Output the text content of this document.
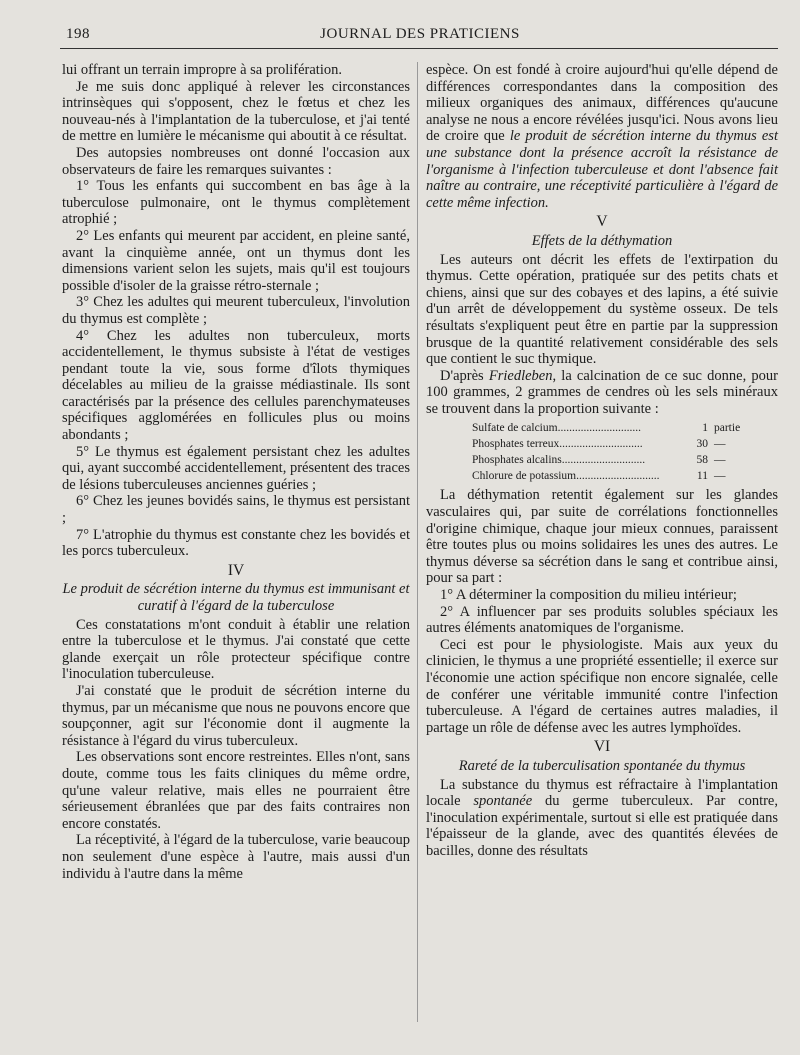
198	JOURNAL DES PRATICIENS

lui offrant un terrain impropre à sa prolifération.

Je me suis donc appliqué à relever les circonstances intrinsèques qui s'opposent, chez le fœtus et chez les nouveau-nés à l'implantation de la tuberculose, et j'ai tenté de mettre en lumière le mécanisme qui aboutit à ce résultat.

Des autopsies nombreuses ont donné l'occasion aux observateurs de faire les remarques suivantes :

1° Tous les enfants qui succombent en bas âge à la tuberculose pulmonaire, ont le thymus complètement atrophié ;

2° Les enfants qui meurent par accident, en pleine santé, avant la cinquième année, ont un thymus dont les dimensions varient selon les sujets, mais qu'il est toujours possible d'isoler de la graisse rétro-sternale ;

3° Chez les adultes qui meurent tuberculeux, l'involution du thymus est complète ;

4° Chez les adultes non tuberculeux, morts accidentellement, le thymus subsiste à l'état de vestiges pendant toute la vie, sous forme d'îlots thymiques décelables au milieu de la graisse médiastinale. Ils sont caractérisés par la présence des cellules parenchymateuses spécifiques agglomérées en follicules plus ou moins abondants ;

5° Le thymus est également persistant chez les adultes qui, ayant succombé accidentellement, présentent des traces de lésions tuberculeuses anciennes guéries ;

6° Chez les jeunes bovidés sains, le thymus est persistant ;

7° L'atrophie du thymus est constante chez les bovidés et les porcs tuberculeux.

IV
Le produit de sécrétion interne du thymus est immunisant et curatif à l'égard de la tuberculose

Ces constatations m'ont conduit à établir une relation entre la tuberculose et le thymus. J'ai constaté que cette glande exerçait un rôle protecteur spécifique contre l'inoculation tuberculeuse.

J'ai constaté que le produit de sécrétion interne du thymus, par un mécanisme que nous ne pouvons encore que soupçonner, agit sur l'économie dont il augmente la résistance à l'égard du virus tuberculeux.

Les observations sont encore restreintes. Elles n'ont, sans doute, comme tous les faits cliniques du même ordre, qu'une valeur relative, mais elles ne pourraient être sérieusement ébranlées que par des faits contraires non encore constatés.

La réceptivité, à l'égard de la tuberculose, varie beaucoup non seulement d'une espèce à l'autre, mais aussi d'un individu à l'autre dans la même

espèce. On est fondé à croire aujourd'hui qu'elle dépend de différences correspondantes dans la composition des milieux organiques des animaux, différences qu'aucune analyse ne nous a encore révélées jusqu'ici. Nous avons lieu de croire que le produit de sécrétion interne du thymus est une substance dont la présence accroît la résistance de l'organisme à l'infection tuberculeuse et dont l'absence fait naître au contraire, une réceptivité particulière à l'égard de cette même infection.

V
Effets de la déthymation

Les auteurs ont décrit les effets de l'extirpation du thymus. Cette opération, pratiquée sur des petits chats et chiens, ainsi que sur des cobayes et des lapins, a été suivie d'un arrêt de développement du système osseux. De tels résultats s'expliquent peut être en partie par la suppression brusque de la quantité relativement considérable des sels que contient le suc thymique.

D'après Friedleben, la calcination de ce suc donne, pour 100 grammes, 2 grammes de cendres où les sels minéraux se trouvent dans la proportion suivante :

Sulfate de calcium.............................	1 partie
Phosphates terreux.............................	30 —
Phosphates alcalins.............................	58 —
Chlorure de potassium.............................	11 —

La déthymation retentit également sur les glandes vasculaires qui, par suite de corrélations fonctionnelles d'origine chimique, chaque jour mieux connues, paraissent être toutes plus ou moins solidaires les unes des autres. Le thymus déverse sa sécrétion dans le sang et contribue ainsi, pour sa part :

1° A déterminer la composition du milieu intérieur;

2° A influencer par ses produits solubles spéciaux les autres éléments anatomiques de l'organisme.

Ceci est pour le physiologiste. Mais aux yeux du clinicien, le thymus a une propriété essentielle; il exerce sur l'économie une action spécifique non encore signalée, celle de conférer une véritable immunité contre l'infection tuberculeuse. A l'égard de certaines autres maladies, il partage un rôle de défense avec les autres lymphoïdes.

VI
Rareté de la tuberculisation spontanée du thymus

La substance du thymus est réfractaire à l'implantation locale spontanée du germe tuberculeux. Par contre, l'inoculation expérimentale, surtout si elle est pratiquée dans l'épaisseur de la glande, avec des quantités élevées de bacilles, donne des résultats
